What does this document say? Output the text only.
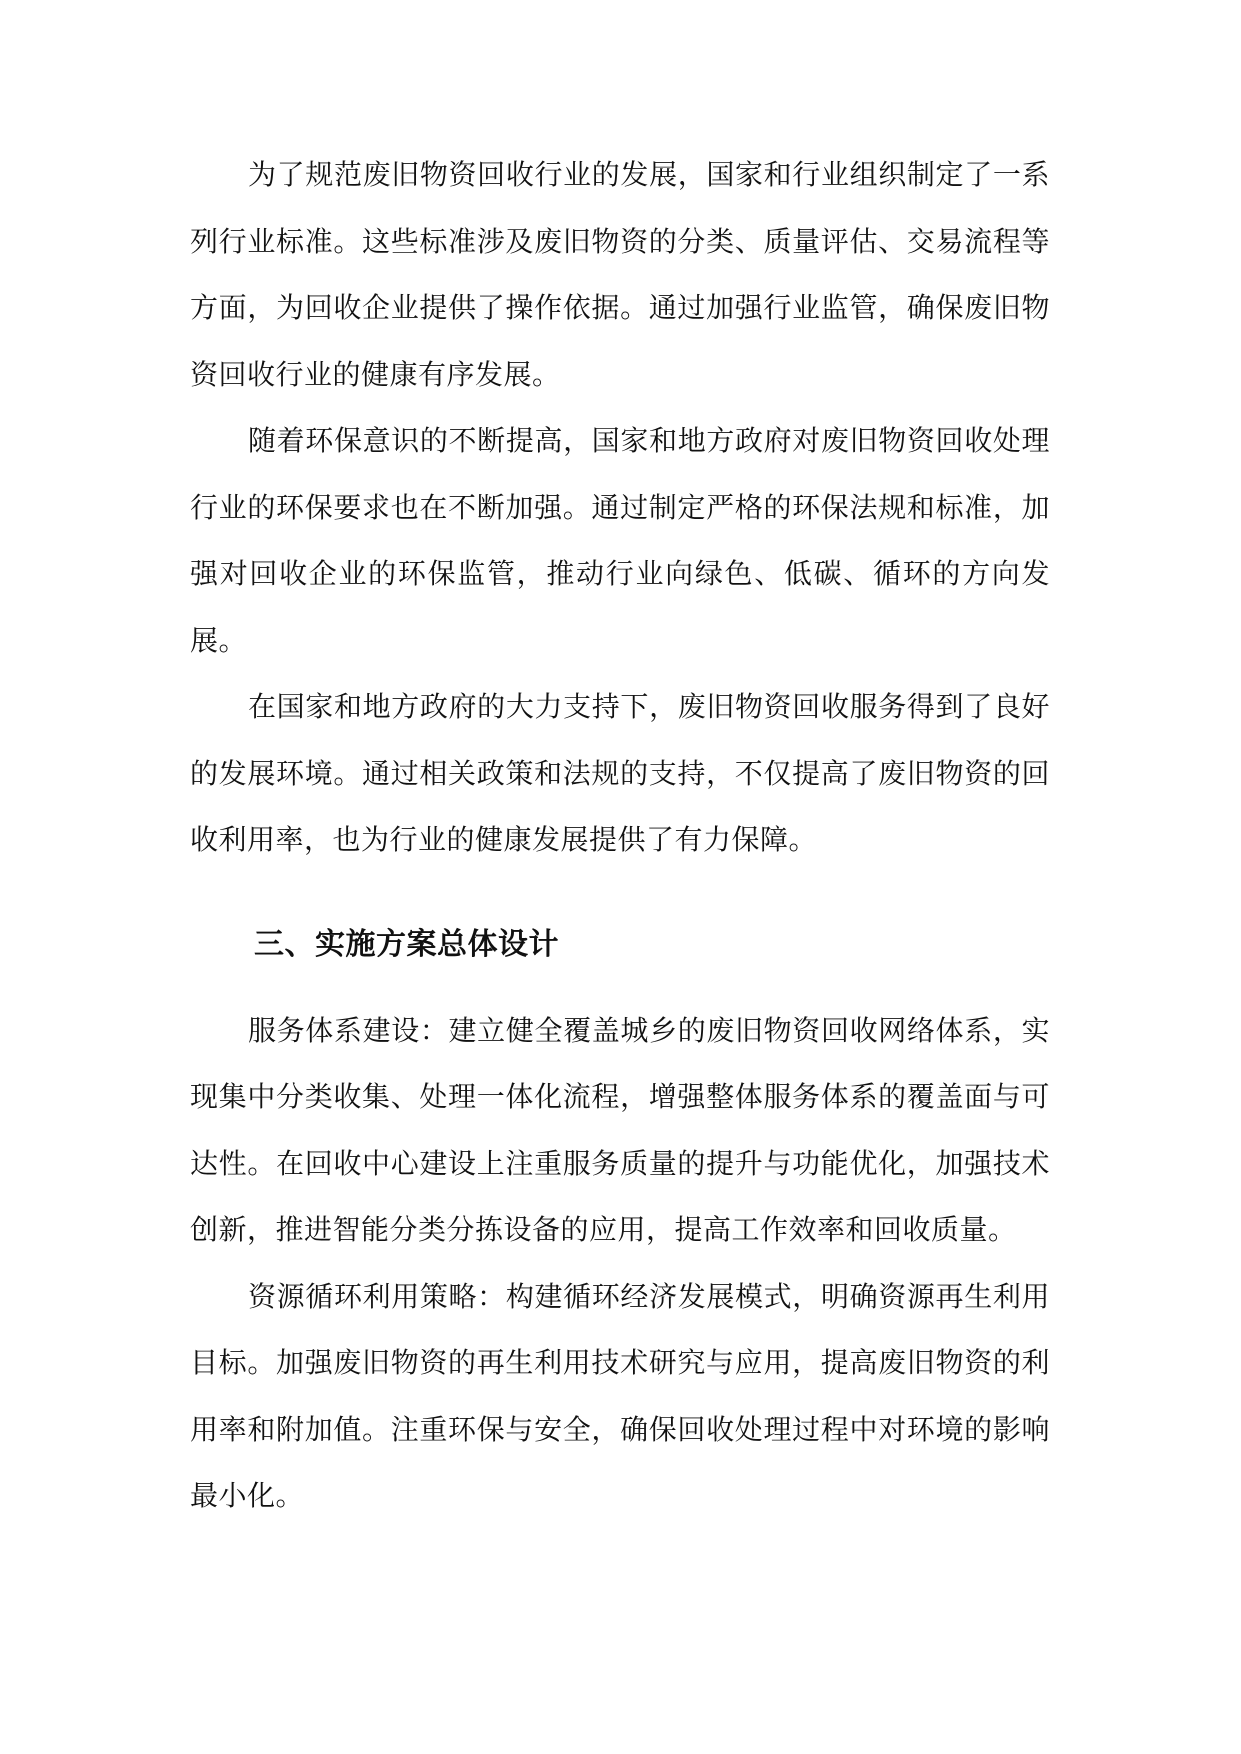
为了规范废旧物资回收行业的发展，国家和行业组织制定了一系列行业标准。这些标准涉及废旧物资的分类、质量评估、交易流程等方面，为回收企业提供了操作依据。通过加强行业监管，确保废旧物资回收行业的健康有序发展。

随着环保意识的不断提高，国家和地方政府对废旧物资回收处理行业的环保要求也在不断加强。通过制定严格的环保法规和标准，加强对回收企业的环保监管，推动行业向绿色、低碳、循环的方向发展。

在国家和地方政府的大力支持下，废旧物资回收服务得到了良好的发展环境。通过相关政策和法规的支持，不仅提高了废旧物资的回收利用率，也为行业的健康发展提供了有力保障。

三、实施方案总体设计

服务体系建设：建立健全覆盖城乡的废旧物资回收网络体系，实现集中分类收集、处理一体化流程，增强整体服务体系的覆盖面与可达性。在回收中心建设上注重服务质量的提升与功能优化，加强技术创新，推进智能分类分拣设备的应用，提高工作效率和回收质量。

资源循环利用策略：构建循环经济发展模式，明确资源再生利用目标。加强废旧物资的再生利用技术研究与应用，提高废旧物资的利用率和附加值。注重环保与安全，确保回收处理过程中对环境的影响最小化。
